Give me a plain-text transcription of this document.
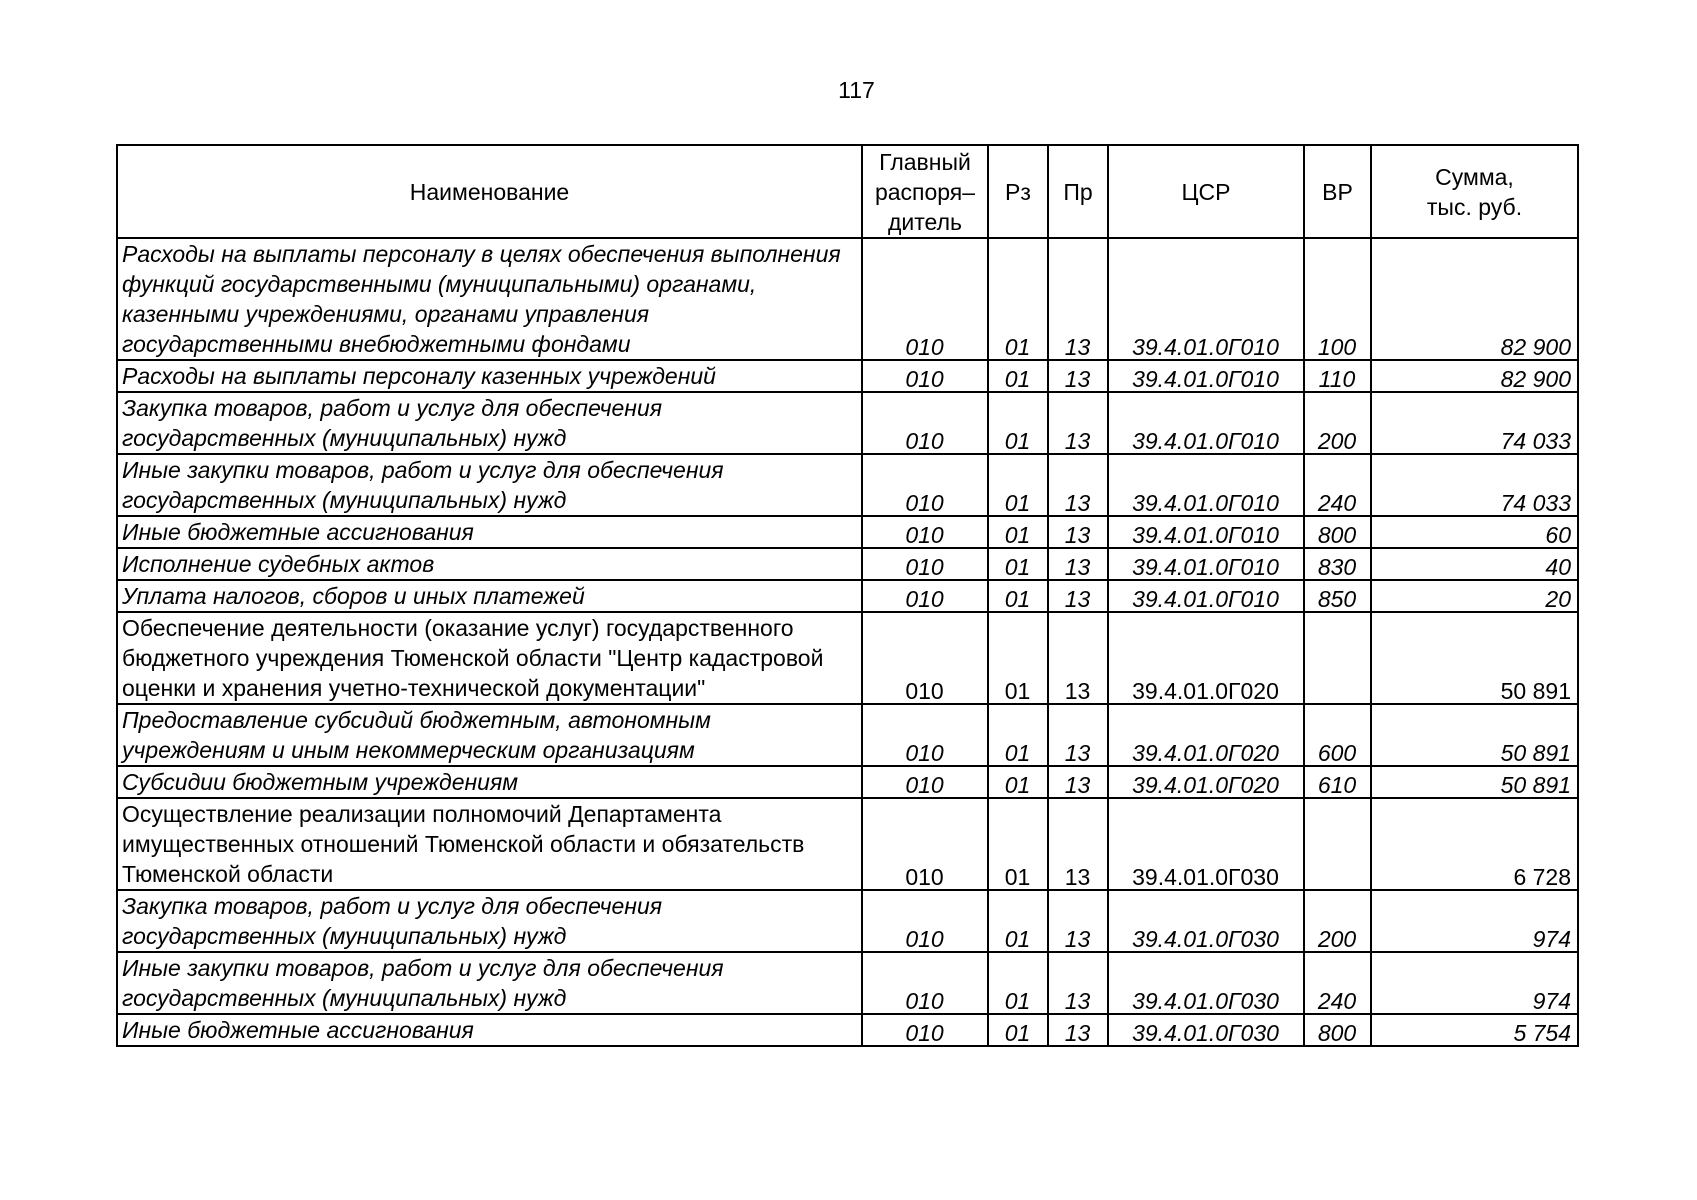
117
Наименование	Главный
распоря–
дитель	Рз	Пр	ЦСР	ВР	Сумма,
тыс. руб.
Расходы на выплаты персоналу в целях обеспечения выполнения функций государственными (муниципальными) органами, казенными учреждениями, органами управления государственными внебюджетными фондами	010	01	13	39.4.01.0Г010	100	82 900

Расходы на выплаты персоналу казенных учреждений	010	01	13	39.4.01.0Г010	110	82 900

Закупка товаров, работ и услуг для обеспечения государственных (муниципальных) нужд	010	01	13	39.4.01.0Г010	200	74 033

Иные закупки товаров, работ и услуг для обеспечения государственных (муниципальных) нужд	010	01	13	39.4.01.0Г010	240	74 033

Иные бюджетные ассигнования	010	01	13	39.4.01.0Г010	800	60

Исполнение судебных актов	010	01	13	39.4.01.0Г010	830	40

Уплата налогов, сборов и иных платежей	010	01	13	39.4.01.0Г010	850	20

Обеспечение деятельности (оказание услуг) государственного бюджетного учреждения Тюменской области "Центр кадастровой оценки и хранения учетно-технической документации"	010	01	13	39.4.01.0Г020		50 891

Предоставление субсидий бюджетным, автономным учреждениям и иным некоммерческим организациям	010	01	13	39.4.01.0Г020	600	50 891

Субсидии бюджетным учреждениям	010	01	13	39.4.01.0Г020	610	50 891

Осуществление реализации полномочий Департамента имущественных отношений Тюменской области и обязательств Тюменской области	010	01	13	39.4.01.0Г030		6 728

Закупка товаров, работ и услуг для обеспечения государственных (муниципальных) нужд	010	01	13	39.4.01.0Г030	200	974

Иные закупки товаров, работ и услуг для обеспечения государственных (муниципальных) нужд	010	01	13	39.4.01.0Г030	240	974

Иные бюджетные ассигнования	010	01	13	39.4.01.0Г030	800	5 754
